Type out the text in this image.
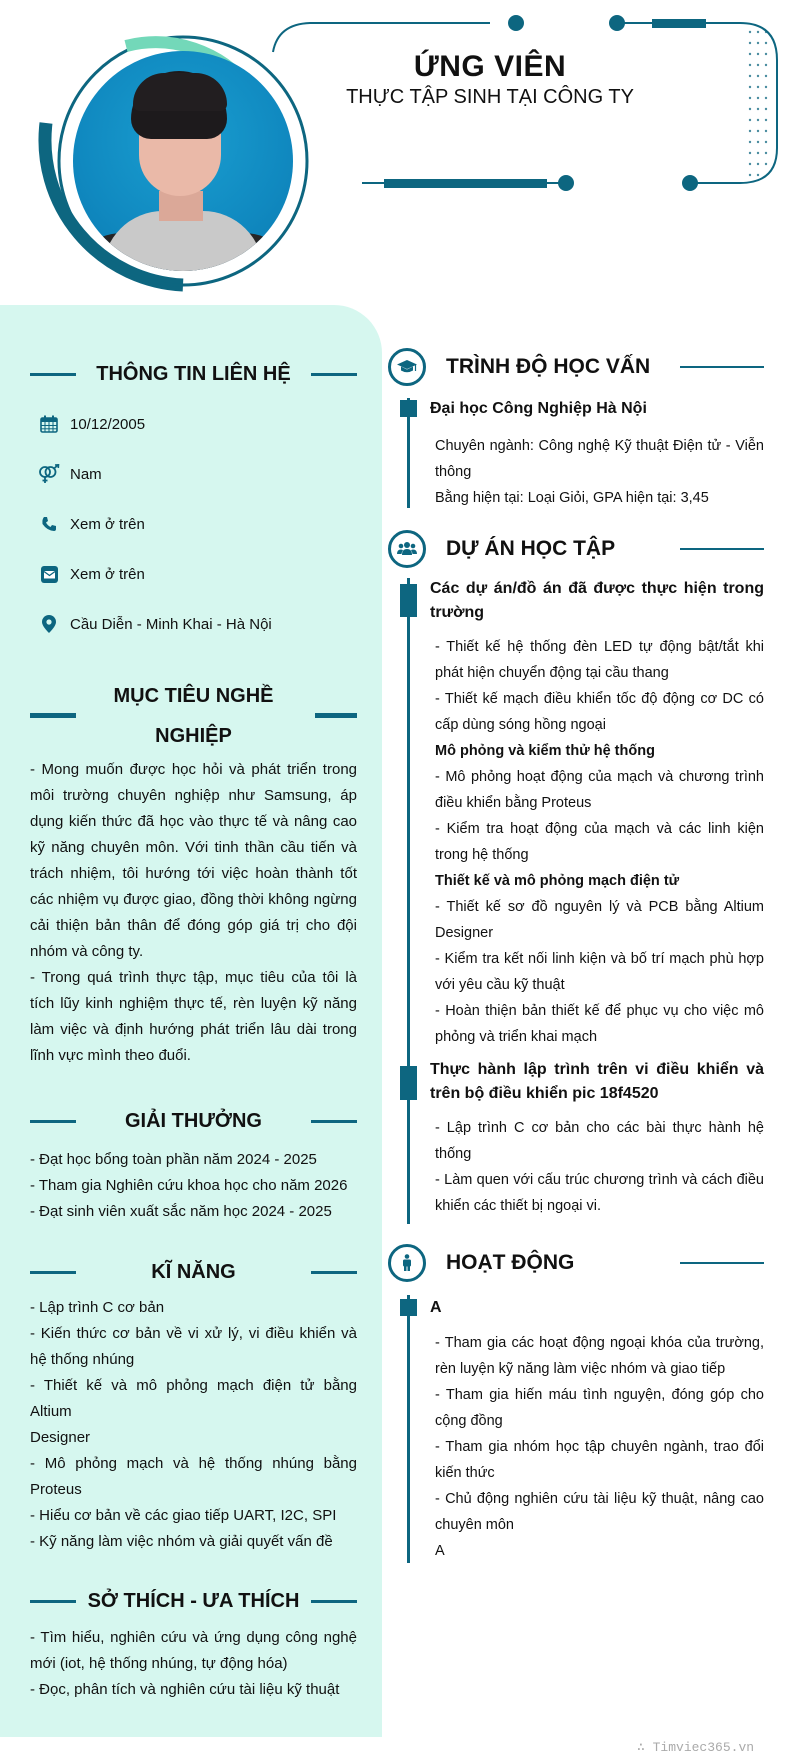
ỨNG VIÊN
THỰC TẬP SINH TẠI CÔNG TY
THÔNG TIN LIÊN HỆ
10/12/2005
Nam
Xem ở trên
Xem ở trên
Cầu Diễn - Minh Khai - Hà Nội
MỤC TIÊU NGHỀ
NGHIỆP

- Mong muốn được học hỏi và phát triển trong môi trường chuyên nghiệp như Samsung, áp dụng kiến thức đã học vào thực tế và nâng cao kỹ năng chuyên môn. Với tinh thần cầu tiến và trách nhiệm, tôi hướng tới việc hoàn thành tốt các nhiệm vụ được giao, đồng thời không ngừng cải thiện bản thân để đóng góp giá trị cho đội nhóm và công ty.

- Trong quá trình thực tập, mục tiêu của tôi là tích lũy kinh nghiệm thực tế, rèn luyện kỹ năng làm việc và định hướng phát triển lâu dài trong lĩnh vực mình theo đuổi.

GIẢI THƯỞNG

- Đạt học bổng toàn phần năm 2024 - 2025

- Tham gia Nghiên cứu khoa học cho năm 2026

- Đạt sinh viên xuất sắc năm học 2024 - 2025

KĨ NĂNG

- Lập trình C cơ bản

- Kiến thức cơ bản về vi xử lý, vi điều khiển và hệ thống nhúng

- Thiết kế và mô phỏng mạch điện tử bằng Altium

Designer

- Mô phỏng mạch và hệ thống nhúng bằng Proteus

- Hiểu cơ bản về các giao tiếp UART, I2C, SPI

- Kỹ năng làm việc nhóm và giải quyết vấn đề

SỞ THÍCH - ƯA THÍCH

- Tìm hiểu, nghiên cứu và ứng dụng công nghệ mới (iot, hệ thống nhúng, tự động hóa)

- Đọc, phân tích và nghiên cứu tài liệu kỹ thuật

TRÌNH ĐỘ HỌC VẤN
Đại học Công Nghiệp Hà Nội

Chuyên ngành: Công nghệ Kỹ thuật Điện tử - Viễn thông

Bằng hiện tại: Loại Giỏi, GPA hiện tại: 3,45

DỰ ÁN HỌC TẬP
Các dự án/đồ án đã được thực hiện trong trường

- Thiết kế hệ thống đèn LED tự động bật/tắt khi phát hiện chuyển động tại cầu thang

- Thiết kế mạch điều khiển tốc độ động cơ DC có cấp dùng sóng hồng ngoại

Mô phỏng và kiểm thử hệ thống

- Mô phỏng hoạt động của mạch và chương trình điều khiển bằng Proteus

- Kiểm tra hoạt động của mạch và các linh kiện trong hệ thống

Thiết kế và mô phỏng mạch điện tử

- Thiết kế sơ đồ nguyên lý và PCB bằng Altium Designer

- Kiểm tra kết nối linh kiện và bố trí mạch phù hợp với yêu cầu kỹ thuật

- Hoàn thiện bản thiết kế để phục vụ cho việc mô phỏng và triển khai mạch

Thực hành lập trình trên vi điều khiển và trên bộ điều khiển pic 18f4520

- Lập trình C cơ bản cho các bài thực hành hệ thống

- Làm quen với cấu trúc chương trình và cách điều khiển các thiết bị ngoại vi.

HOẠT ĐỘNG
A

- Tham gia các hoạt động ngoại khóa của trường, rèn luyện kỹ năng làm việc nhóm và giao tiếp

- Tham gia hiến máu tình nguyện, đóng góp cho cộng đồng

- Tham gia nhóm học tập chuyên ngành, trao đổi kiến thức

- Chủ động nghiên cứu tài liệu kỹ thuật, nâng cao chuyên môn

A

∴ Timviec365.vn
